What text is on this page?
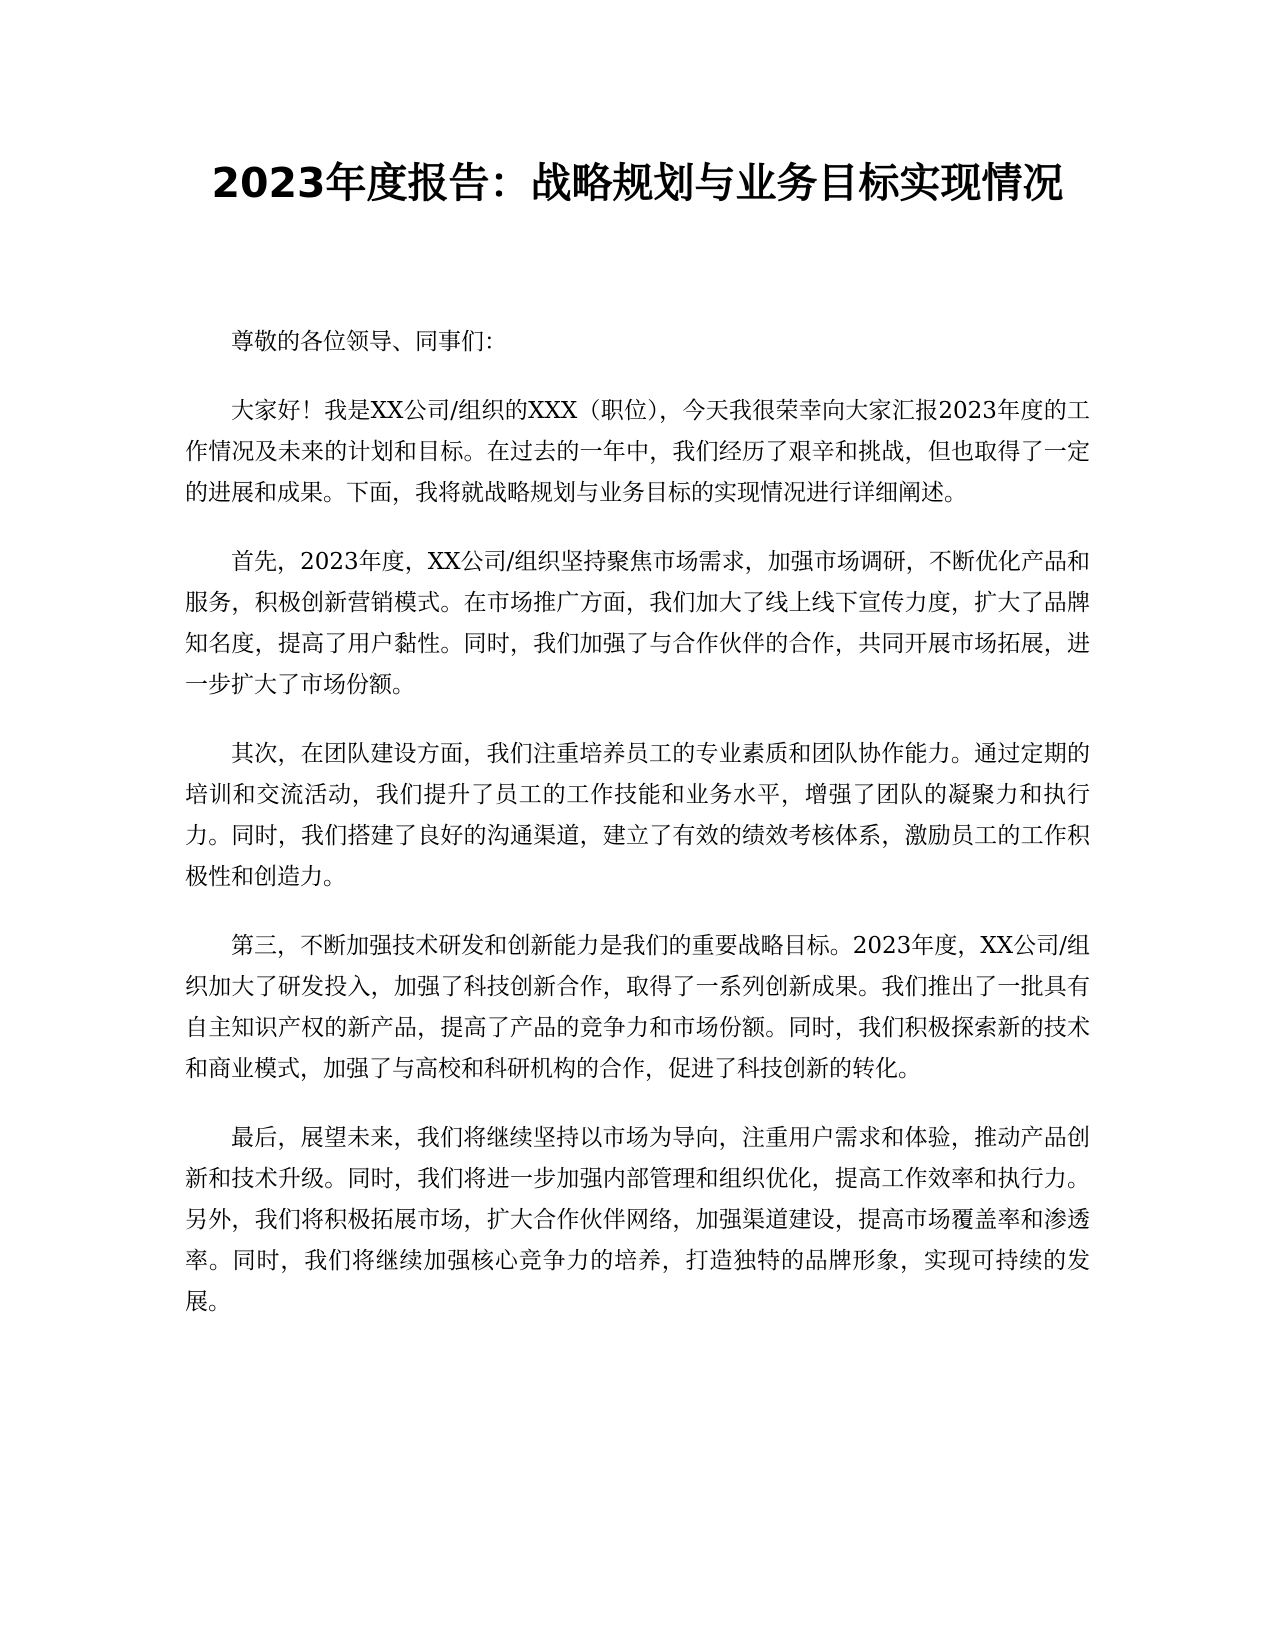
2023年度报告：战略规划与业务目标实现情况

尊敬的各位领导、同事们：

大家好！我是XX公司/组织的XXX（职位），今天我很荣幸向大家汇报2023年度的工作情况及未来的计划和目标。在过去的一年中，我们经历了艰辛和挑战，但也取得了一定的进展和成果。下面，我将就战略规划与业务目标的实现情况进行详细阐述。

首先，2023年度，XX公司/组织坚持聚焦市场需求，加强市场调研，不断优化产品和服务，积极创新营销模式。在市场推广方面，我们加大了线上线下宣传力度，扩大了品牌知名度，提高了用户黏性。同时，我们加强了与合作伙伴的合作，共同开展市场拓展，进一步扩大了市场份额。

其次，在团队建设方面，我们注重培养员工的专业素质和团队协作能力。通过定期的培训和交流活动，我们提升了员工的工作技能和业务水平，增强了团队的凝聚力和执行力。同时，我们搭建了良好的沟通渠道，建立了有效的绩效考核体系，激励员工的工作积极性和创造力。

第三，不断加强技术研发和创新能力是我们的重要战略目标。2023年度，XX公司/组织加大了研发投入，加强了科技创新合作，取得了一系列创新成果。我们推出了一批具有自主知识产权的新产品，提高了产品的竞争力和市场份额。同时，我们积极探索新的技术和商业模式，加强了与高校和科研机构的合作，促进了科技创新的转化。

最后，展望未来，我们将继续坚持以市场为导向，注重用户需求和体验，推动产品创新和技术升级。同时，我们将进一步加强内部管理和组织优化，提高工作效率和执行力。另外，我们将积极拓展市场，扩大合作伙伴网络，加强渠道建设，提高市场覆盖率和渗透率。同时，我们将继续加强核心竞争力的培养，打造独特的品牌形象，实现可持续的发展。
